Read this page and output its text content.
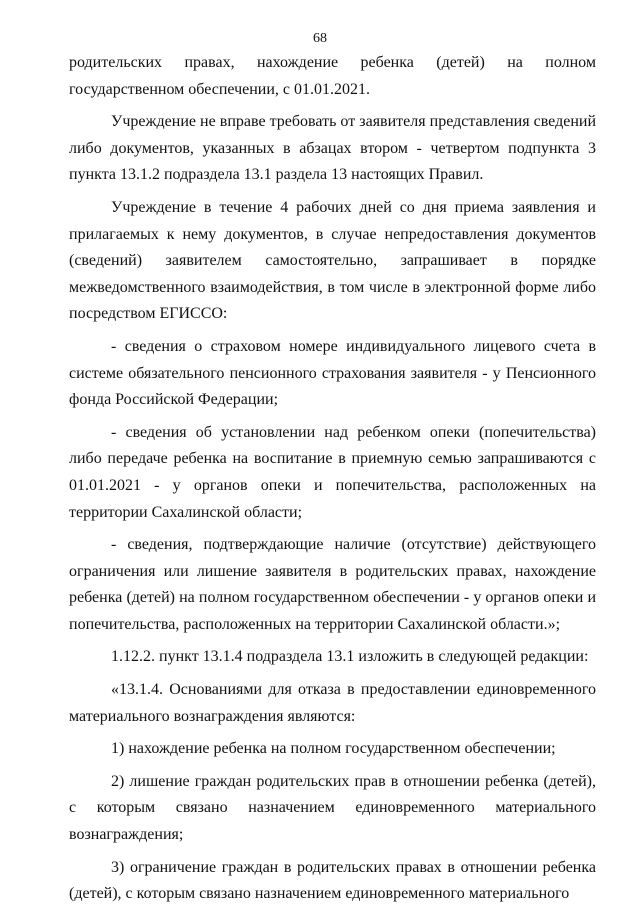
68

родительских правах, нахождение ребенка (детей) на полном государственном обеспечении, с 01.01.2021.

Учреждение не вправе требовать от заявителя представления сведений либо документов, указанных в абзацах втором - четвертом подпункта 3 пункта 13.1.2 подраздела 13.1 раздела 13 настоящих Правил.

Учреждение в течение 4 рабочих дней со дня приема заявления и прилагаемых к нему документов, в случае непредоставления документов (сведений) заявителем самостоятельно, запрашивает в порядке межведомственного взаимодействия, в том числе в электронной форме либо посредством ЕГИССО:

- сведения о страховом номере индивидуального лицевого счета в системе обязательного пенсионного страхования заявителя - у Пенсионного фонда Российской Федерации;

- сведения об установлении над ребенком опеки (попечительства) либо передаче ребенка на воспитание в приемную семью запрашиваются с 01.01.2021 - у органов опеки и попечительства, расположенных на территории Сахалинской области;

- сведения, подтверждающие наличие (отсутствие) действующего ограничения или лишение заявителя в родительских правах, нахождение ребенка (детей) на полном государственном обеспечении - у органов опеки и попечительства, расположенных на территории Сахалинской области.»;

1.12.2. пункт 13.1.4 подраздела 13.1 изложить в следующей редакции:

«13.1.4. Основаниями для отказа в предоставлении единовременного материального вознаграждения являются:

1) нахождение ребенка на полном государственном обеспечении;

2) лишение граждан родительских прав в отношении ребенка (детей), с которым связано назначением единовременного материального вознаграждения;

3) ограничение граждан в родительских правах в отношении ребенка (детей), с которым связано назначением единовременного материального
